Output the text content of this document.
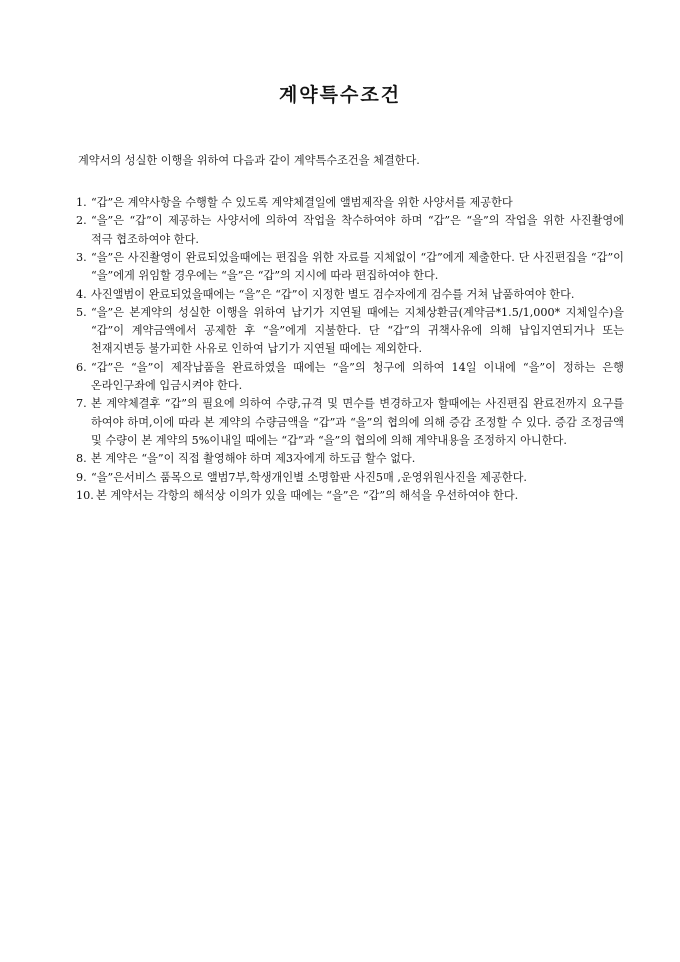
계약특수조건

계약서의 성실한 이행을 위하여 다음과 같이 계약특수조건을 체결한다.

1. “갑”은 계약사항을 수행할 수 있도록 계약체결일에 앨범제작을 위한 사양서를 제공한다
2. “을”은 “갑”이 제공하는 사양서에 의하여 작업을 착수하여야 하며 “갑”은 “을”의 작업을 위한 사진촬영에 적극 협조하여야 한다.
3. “을”은 사진촬영이 완료되었을때에는 편집을 위한 자료를 지체없이 “갑”에게 제출한다. 단 사진편집을 “갑”이 “을”에게 위임할 경우에는 “을”은 “갑”의 지시에 따라 편집하여야 한다.
4. 사진앨범이 완료되었을때에는 “을”은 “갑”이 지정한 별도 검수자에게 검수를 거쳐 납품하여야 한다.
5. “을”은 본계약의 성실한 이행을 위하여 납기가 지연될 때에는 지체상환금(계약금*1.5/1,000* 지체일수)을 “갑”이 계약금액에서 공제한 후 “을”에게 지불한다. 단 “갑”의 귀책사유에 의해 납입지연되거나 또는 천재지변등 불가피한 사유로 인하여 납기가 지연될 때에는 제외한다.
6. “갑”은 “을”이 제작납품을 완료하였을 때에는 “을”의 청구에 의하여 14일 이내에 “을”이 정하는 은행 온라인구좌에 입금시켜야 한다.
7. 본 계약체결후 “갑”의 필요에 의하여 수량,규격 및 면수를 변경하고자 할때에는 사진편집 완료전까지 요구를 하여야 하며,이에 따라 본 계약의 수량금액을 “갑”과 “을”의 협의에 의해 증감 조정할 수 있다. 증감 조정금액 및 수량이 본 계약의 5%이내일 때에는 “갑”과 “을”의 협의에 의해 계약내용을 조정하지 아니한다.
8. 본 계약은 “을”이 직접 촬영해야 하며 제3자에게 하도급 할수 없다.
9. “을”은서비스 품목으로 앨범7부,학생개인별 소명함판 사진5매 ,운영위원사진을 제공한다.
10. 본 계약서는 각항의 해석상 이의가 있을 때에는 “을”은 “갑”의 해석을 우선하여야 한다.
